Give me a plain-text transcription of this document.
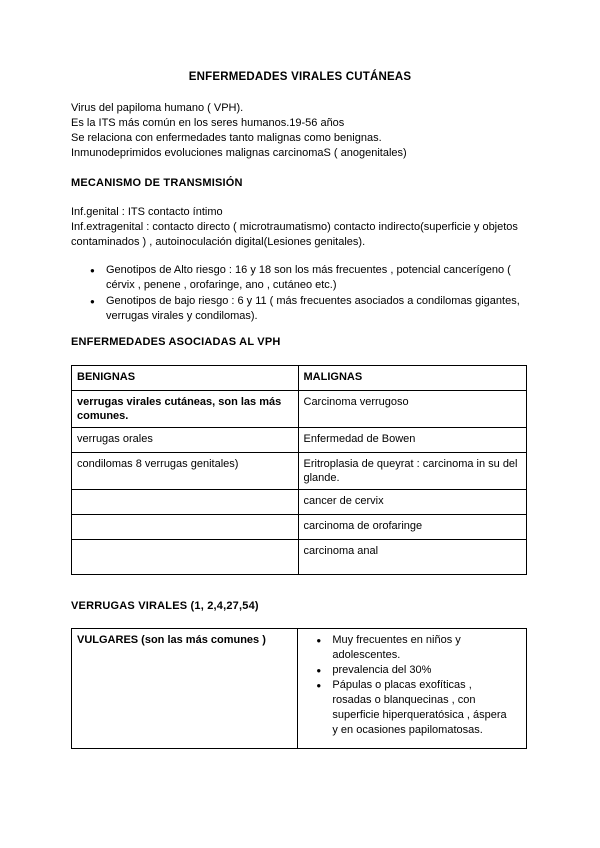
ENFERMEDADES VIRALES CUTÁNEAS
Virus del papiloma humano ( VPH).
Es la ITS más común en los seres humanos.19-56 años
Se relaciona con enfermedades tanto malignas como benignas.
Inmunodeprimidos evoluciones malignas carcinomaS ( anogenitales)
MECANISMO DE TRANSMISIÓN
Inf.genital : ITS contacto íntimo
Inf.extragenital : contacto directo ( microtraumatismo) contacto indirecto(superficie y objetos
contaminados ) , autoinoculación digital(Lesiones genitales).
● Genotipos de Alto riesgo : 16 y 18 son los más frecuentes , potencial cancerígeno ( cérvix , penene , orofaringe, ano , cutáneo etc.)
● Genotipos de bajo riesgo : 6 y 11 ( más frecuentes asociados a condilomas gigantes, verrugas virales y condilomas).
ENFERMEDADES ASOCIADAS AL VPH
BENIGNAS	MALIGNAS
verrugas virales cutáneas, son las más comunes.	Carcinoma verrugoso
verrugas orales	Enfermedad de Bowen
condilomas 8 verrugas genitales)	Eritroplasia de queyrat : carcinoma in su del glande.
	cancer de cervix
	carcinoma de orofaringe
	carcinoma anal
VERRUGAS VIRALES (1, 2,4,27,54)
VULGARES (son las más comunes )	
●Muy frecuentes en niños y adolescentes.
● prevalencia del 30%
● Pápulas o placas exofíticas , rosadas o blanquecinas , con superficie hiperqueratósica , áspera y en ocasiones papilomatosas.
